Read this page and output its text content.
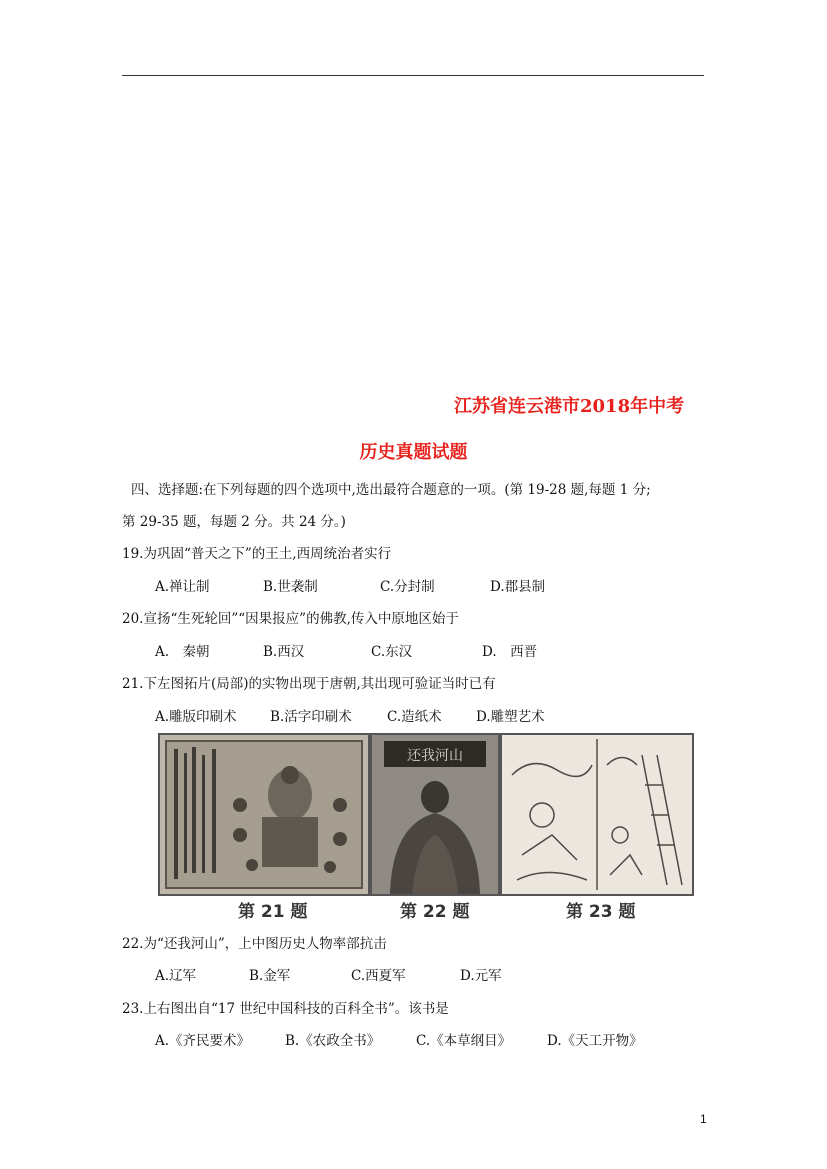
江苏省连云港市2018年中考
历史真题试题
四、选择题:在下列每题的四个选项中,选出最符合题意的一项。(第 19-28 题,每题 1 分;
第 29-35 题，每题 2 分。共 24 分。)
19.为巩固“普天之下”的王土,西周统治者实行
A.禅让制	B.世袭制	C.分封制	D.郡县制
20.宣扬“生死轮回”“因果报应”的佛教,传入中原地区始于
A.　秦朝	B.西汉	C.东汉	D.　西晋
21.下左图拓片(局部)的实物出现于唐朝,其出现可验证当时已有
A.雕版印刷术 B.活字印刷术	C.造纸术	D.雕塑艺术
还我河山
第 21 题	第 22 题	第 23 题
22.为“还我河山”，上中图历史人物率部抗击
A.辽军	B.金军	C.西夏军	D.元军
23.上右图出自“17 世纪中国科技的百科全书”。该书是
A.《齐民要术》	B.《农政全书》	C.《本草纲目》	D.《天工开物》
1
